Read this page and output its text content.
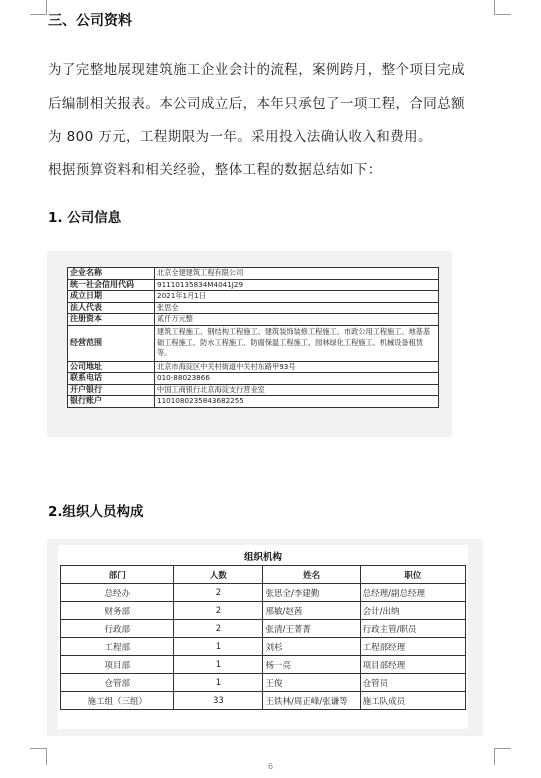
三、公司资料
为了完整地展现建筑施工企业会计的流程，案例跨月，整个项目完成
后编制相关报表。本公司成立后，本年只承包了一项工程，合同总额
为 800 万元，工程期限为一年。采用投入法确认收入和费用。
根据预算资料和相关经验，整体工程的数据总结如下：
1. 公司信息
企业名称	北京全建建筑工程有限公司
统一社会信用代码	91110135834M4041J29
成立日期	2021年1月1日
法人代表	张思全
注册资本	贰仟万元整
经营范围	建筑工程施工、钢结构工程施工、建筑装饰装修工程施工、市政公用工程施工、地基基础工程施工、防水工程施工、防腐保温工程施工、园林绿化工程施工、机械设备租赁等。
公司地址	北京市海淀区中关村街道中关村东路甲93号
联系电话	010-88023866
开户银行	中国工商银行北京海淀支行营业室
银行账户	1101080235843682255
2.组织人员构成
组织机构
部门	人数	姓名	职位
总经办	2	张思全/李建勤	总经理/副总经理
财务部	2	邢敏/赵茜	会计/出纳
行政部	2	张清/王菁菁	行政主管/职员
工程部	1	刘杉	工程部经理
项目部	1	杨一亮	项目部经理
仓管部	1	王俊	仓管员
施工组（三组）	33	王铁林/周正峰/张谦等	施工队成员
6
